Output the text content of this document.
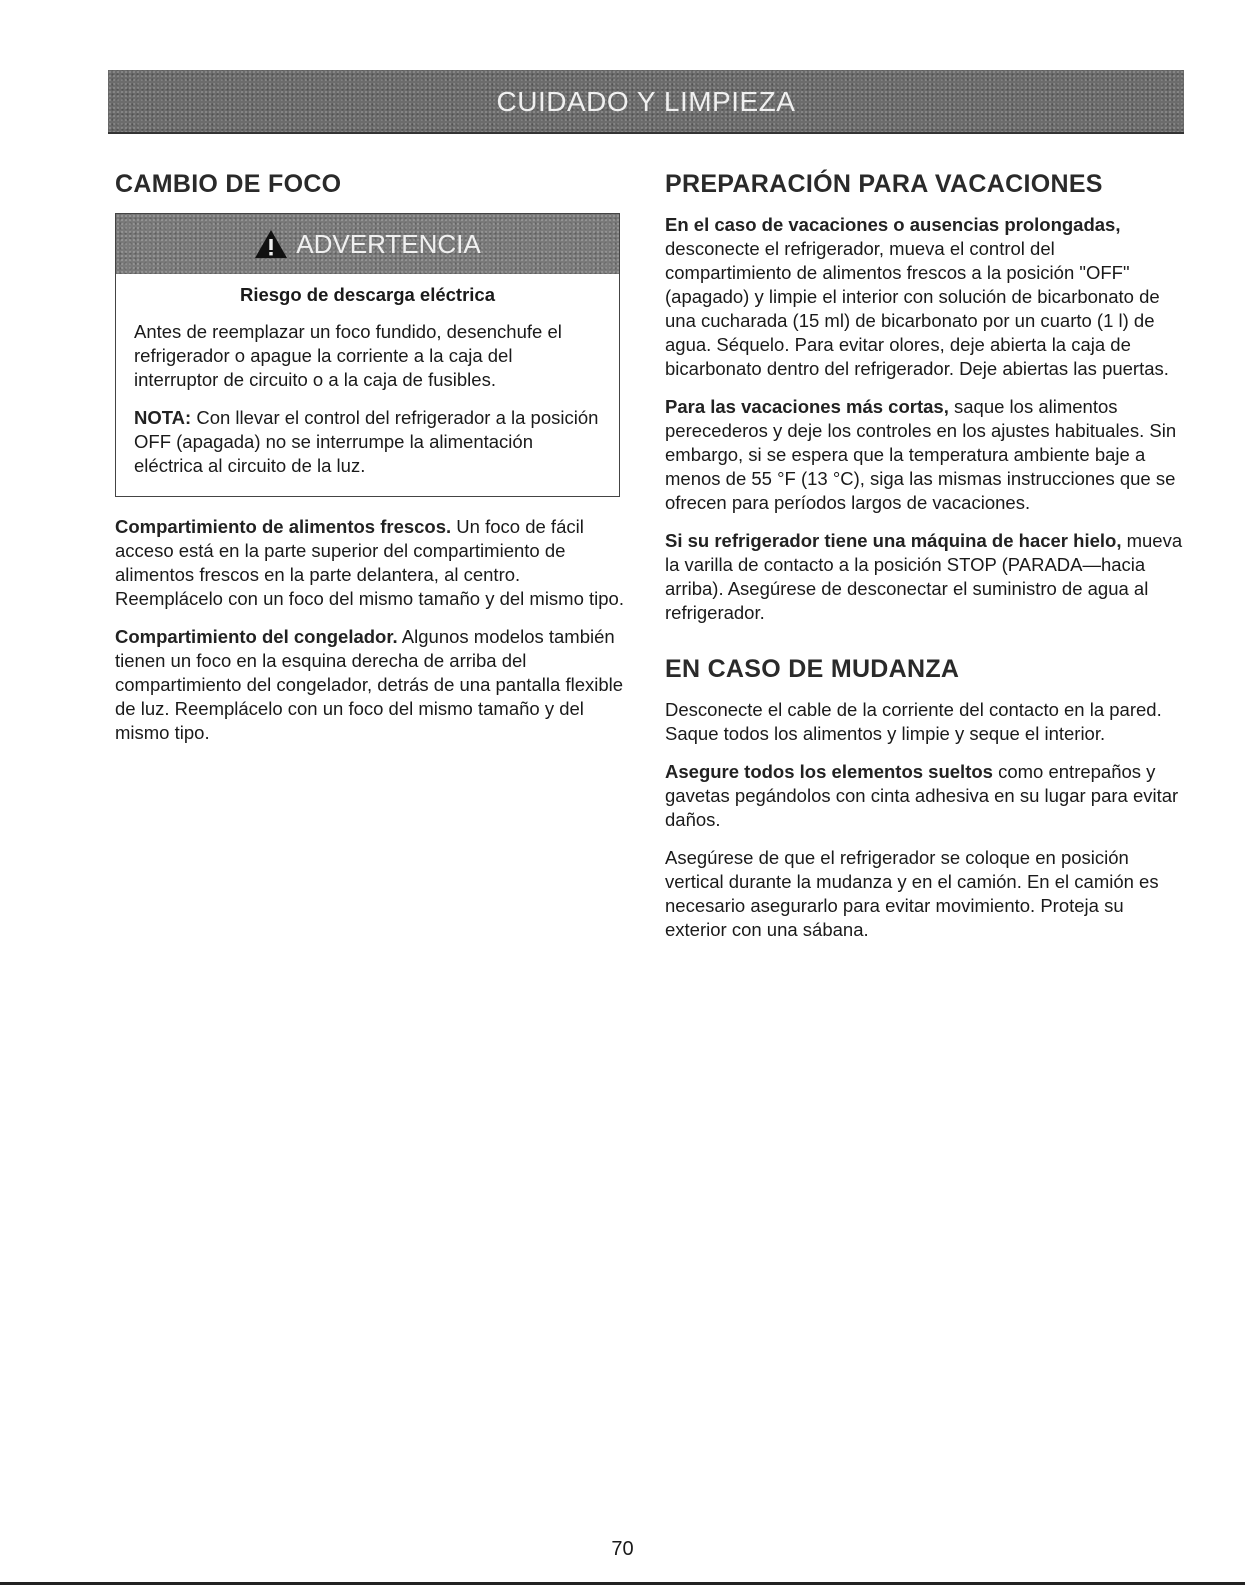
CUIDADO Y LIMPIEZA
CAMBIO DE FOCO
ADVERTENCIA
Riesgo de descarga eléctrica

Antes de reemplazar un foco fundido, desenchufe el refrigerador o apague la corriente a la caja del interruptor de circuito o a la caja de fusibles.

NOTA: Con llevar el control del refrigerador a la posición OFF (apagada) no se interrumpe la alimentación eléctrica al circuito de la luz.

Compartimiento de alimentos frescos. Un foco de fácil acceso está en la parte superior del compartimiento de alimentos frescos en la parte delantera, al centro. Reemplácelo con un foco del mismo tamaño y del mismo tipo.

Compartimiento del congelador. Algunos modelos también tienen un foco en la esquina derecha de arriba del compartimiento del congelador, detrás de una pantalla flexible de luz. Reemplácelo con un foco del mismo tamaño y del mismo tipo.

PREPARACIÓN PARA VACACIONES

En el caso de vacaciones o ausencias prolongadas, desconecte el refrigerador, mueva el control del compartimiento de alimentos frescos a la posición "OFF" (apagado) y limpie el interior con solución de bicarbonato de una cucharada (15 ml) de bicarbonato por un cuarto (1 l) de agua. Séquelo. Para evitar olores, deje abierta la caja de bicarbonato dentro del refrigerador. Deje abiertas las puertas.

Para las vacaciones más cortas, saque los alimentos perecederos y deje los controles en los ajustes habituales. Sin embargo, si se espera que la temperatura ambiente baje a menos de 55 °F (13 °C), siga las mismas instrucciones que se ofrecen para períodos largos de vacaciones.

Si su refrigerador tiene una máquina de hacer hielo, mueva la varilla de contacto a la posición STOP (PARADA—hacia arriba). Asegúrese de desconectar el suministro de agua al refrigerador.

EN CASO DE MUDANZA

Desconecte el cable de la corriente del contacto en la pared. Saque todos los alimentos y limpie y seque el interior.

Asegure todos los elementos sueltos como entrepaños y gavetas pegándolos con cinta adhesiva en su lugar para evitar daños.

Asegúrese de que el refrigerador se coloque en posición vertical durante la mudanza y en el camión. En el camión es necesario asegurarlo para evitar movimiento. Proteja su exterior con una sábana.

70
